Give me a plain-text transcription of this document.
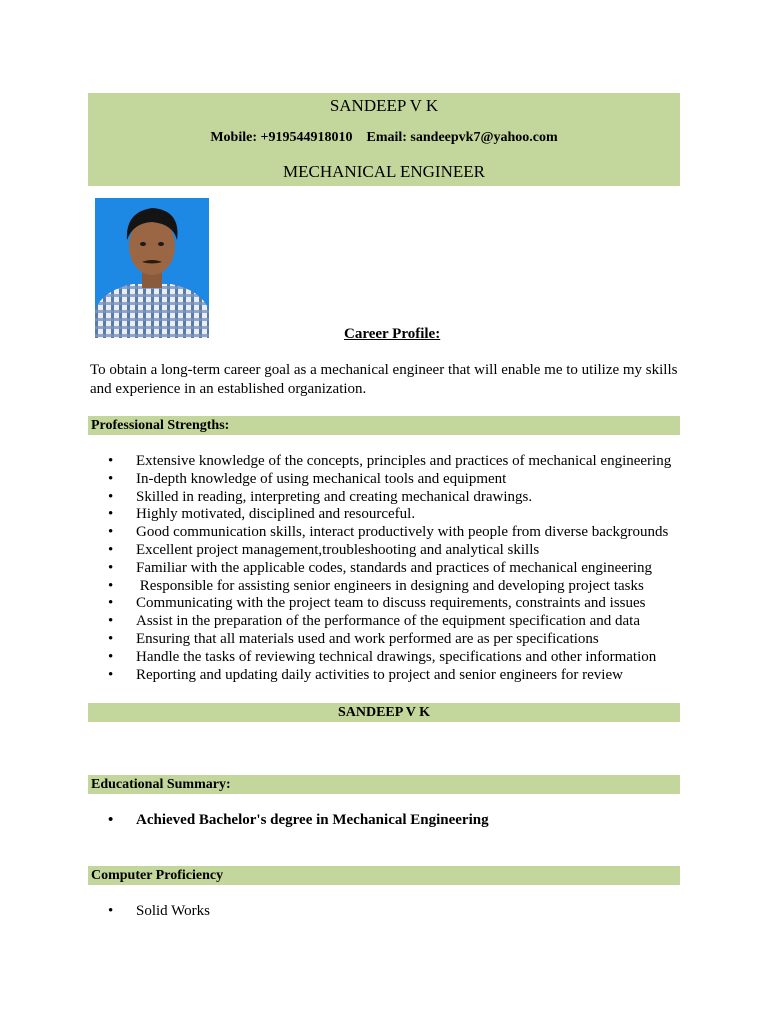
SANDEEP V K
Mobile: +919544918010 Email: sandeepvk7@yahoo.com
MECHANICAL ENGINEER
Career Profile:
To obtain a long-term career goal as a mechanical engineer that will enable me to utilize my skills and experience in an established organization.
Professional Strengths:
• Extensive knowledge of the concepts, principles and practices of mechanical engineering
• In-depth knowledge of using mechanical tools and equipment
• Skilled in reading, interpreting and creating mechanical drawings.
• Highly motivated, disciplined and resourceful.
• Good communication skills, interact productively with people from diverse backgrounds
• Excellent project management,troubleshooting and analytical skills
• Familiar with the applicable codes, standards and practices of mechanical engineering
•  Responsible for assisting senior engineers in designing and developing project tasks
• Communicating with the project team to discuss requirements, constraints and issues
• Assist in the preparation of the performance of the equipment specification and data
• Ensuring that all materials used and work performed are as per specifications
• Handle the tasks of reviewing technical drawings, specifications and other information
• Reporting and updating daily activities to project and senior engineers for review
SANDEEP V K
Educational Summary:
• Achieved Bachelor's degree in Mechanical Engineering
Computer Proficiency
• Solid Works
